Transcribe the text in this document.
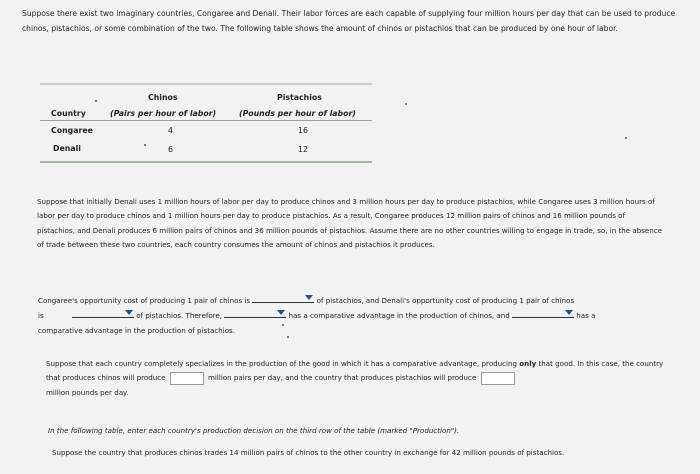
Suppose there exist two imaginary countries, Congaree and Denali. Their labor forces are each capable of supplying four million hours per day that can be used to produce chinos, pistachios, or some combination of the two. The following table shows the amount of chinos or pistachios that can be produced by one hour of labor.
Chinos	Pistachios
Country	(Pairs per hour of labor)	(Pounds per hour of labor)
Congaree	4	16
Denali	6	12
Suppose that initially Denali uses 1 million hours of labor per day to produce chinos and 3 million hours per day to produce pistachios, while Congaree uses 3 million hours of labor per day to produce chinos and 1 million hours per day to produce pistachios. As a result, Congaree produces 12 million pairs of chinos and 16 million pounds of pistachios, and Denali produces 6 million pairs of chinos and 36 million pounds of pistachios. Assume there are no other countries willing to engage in trade, so, in the absence of trade between these two countries, each country consumes the amount of chinos and pistachios it produces.
Congaree's opportunity cost of producing 1 pair of chinos is	of pistachios, and Denali's opportunity cost of producing 1 pair of chinos
is	of pistachios. Therefore,	has a comparative advantage in the production of chinos, and	has a
comparative advantage in the production of pistachios.
Suppose that each country completely specializes in the production of the good in which it has a comparative advantage, producing only that good. In this case, the country that produces chinos will produce	million pairs per day, and the country that produces pistachios will produce
million pounds per day.
In the following table, enter each country's production decision on the third row of the table (marked "Production").
Suppose the country that produces chinos trades 14 million pairs of chinos to the other country in exchange for 42 million pounds of pistachios.
